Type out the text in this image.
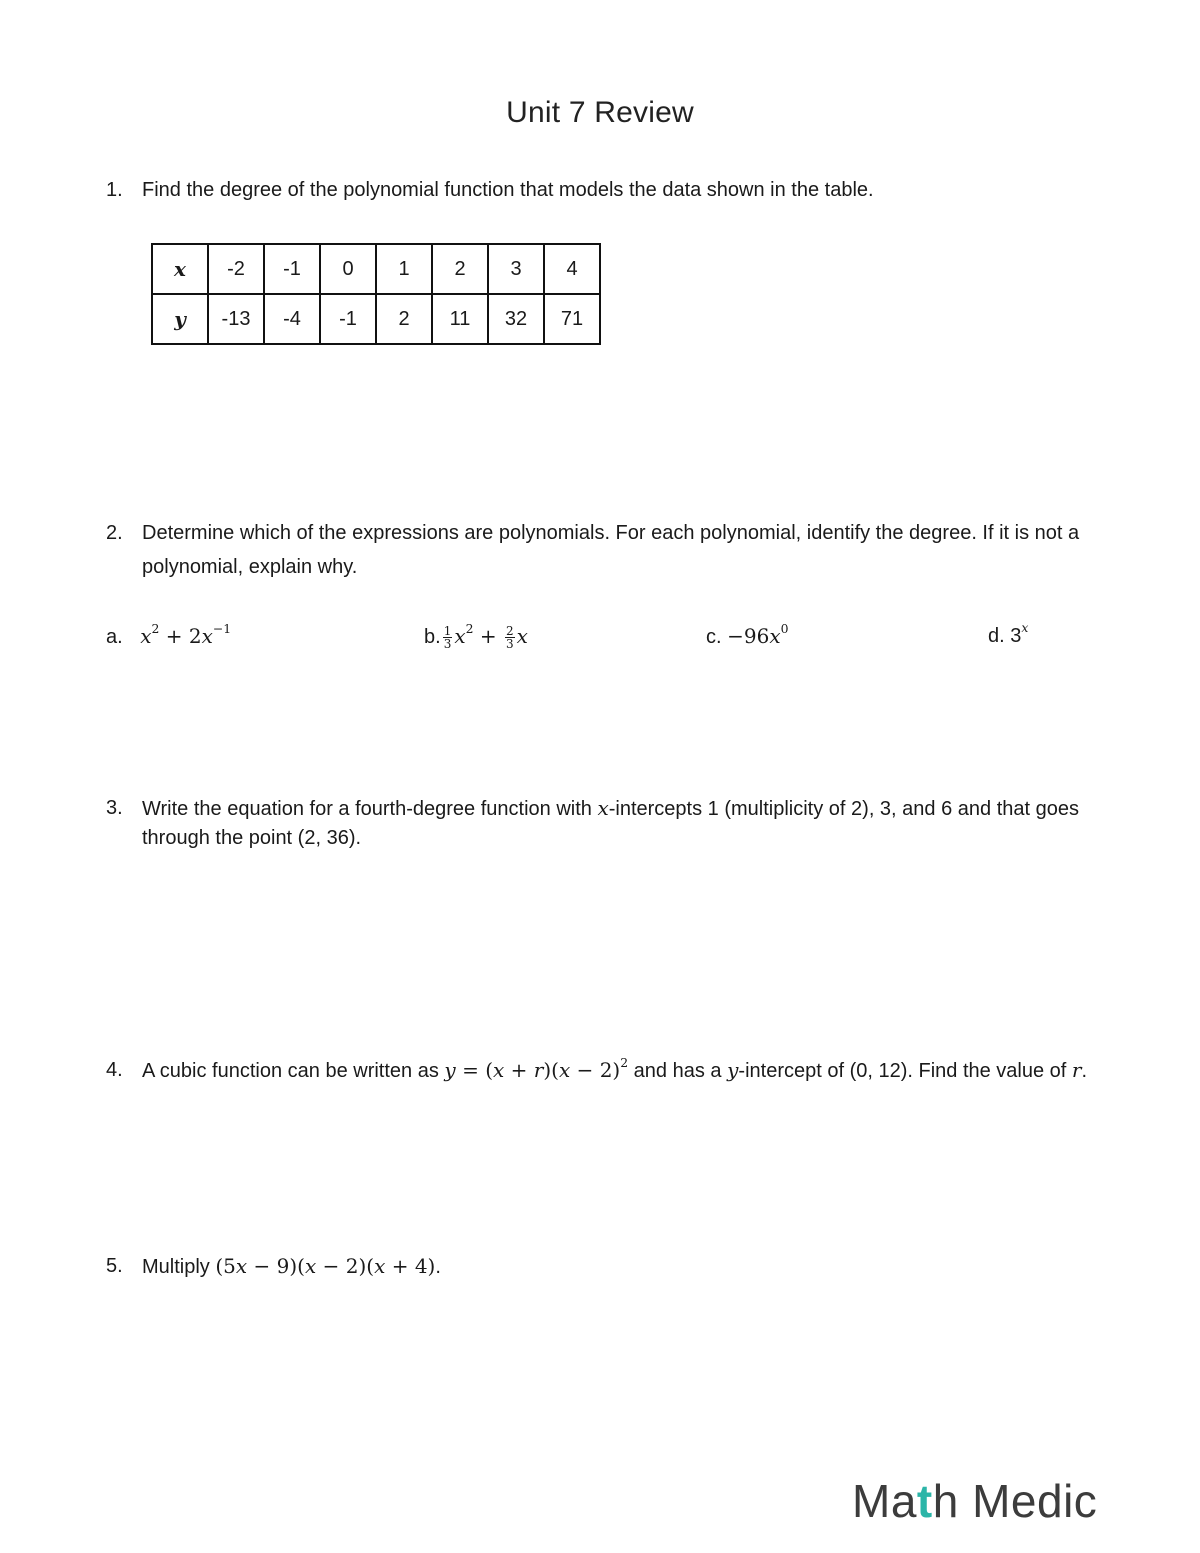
Unit 7 Review
1. Find the degree of the polynomial function that models the data shown in the table.
x	-2	-1	0	1	2	3	4
y	-13	-4	-1	2	11	32	71
2. Determine which of the expressions are polynomials. For each polynomial, identify the degree. If it is not a polynomial, explain why.
a. $x^2 + 2x^{-1}$	b. $\frac{1}{3} x^2 + \frac{2}{3}$ x	c. $-96x^0$	d. 3$^x$
3. Write the equation for a fourth-degree function with x-intercepts 1 (multiplicity of 2), 3, and 6 and that goes through the point (2, 36).
4. A cubic function can be written as $y = (x + r)(x - 2)^2$ and has a y-intercept of (0, 12). Find the value of r.
5. Multiply (5x − 9)(x − 2)(x + 4).
Math Medic
